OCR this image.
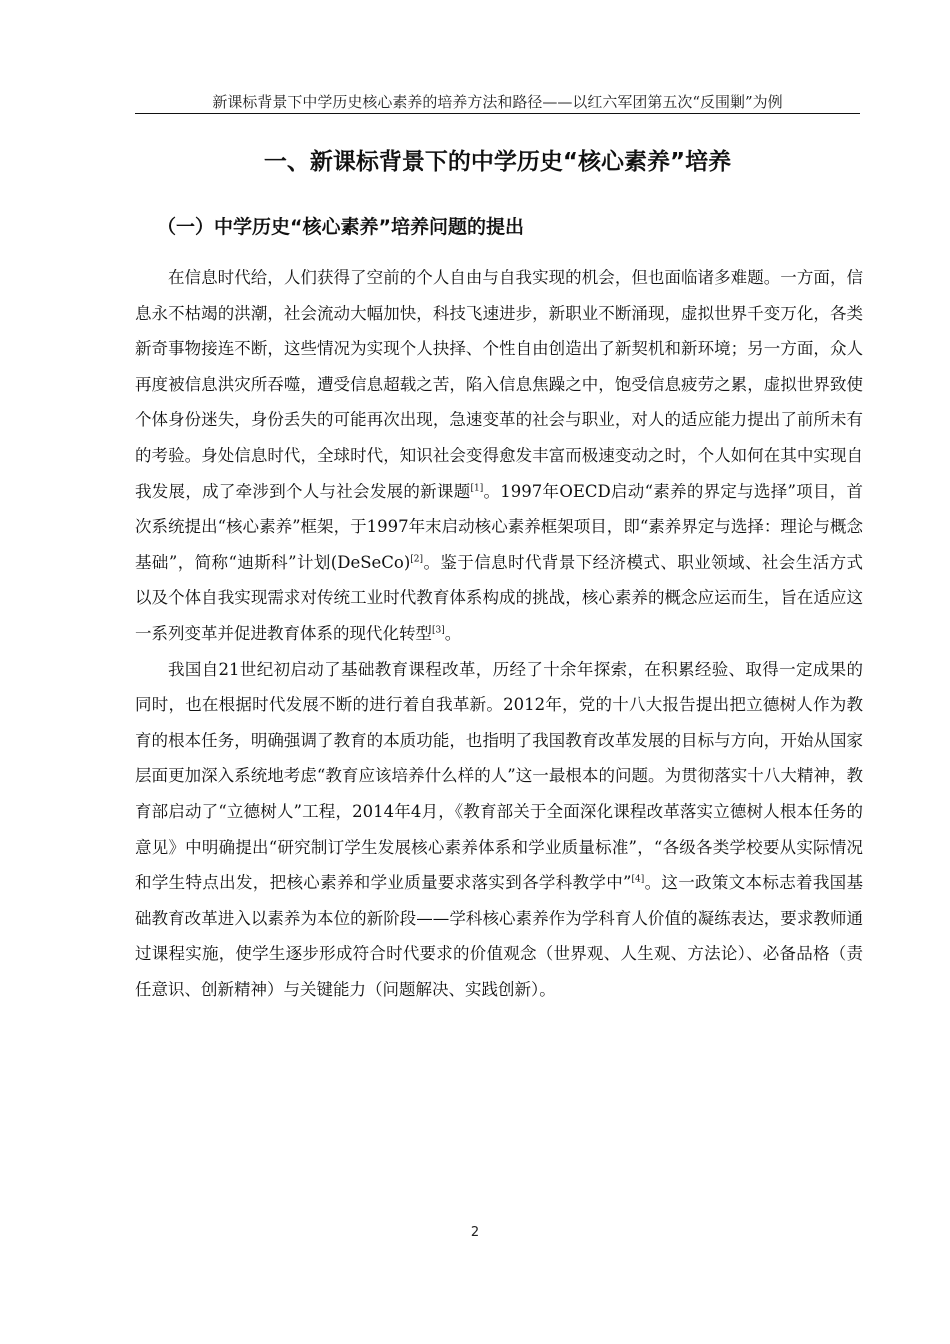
新课标背景下中学历史核心素养的培养方法和路径——以红六军团第五次“反围剿”为例
一、新课标背景下的中学历史“核心素养”培养
（一）中学历史“核心素养”培养问题的提出

在信息时代给，人们获得了空前的个人自由与自我实现的机会，但也面临诸多难题。一方面，信息永不枯竭的洪潮，社会流动大幅加快，科技飞速进步，新职业不断涌现，虚拟世界千变万化，各类新奇事物接连不断，这些情况为实现个人抉择、个性自由创造出了新契机和新环境；另一方面，众人再度被信息洪灾所吞噬，遭受信息超载之苦，陷入信息焦躁之中，饱受信息疲劳之累，虚拟世界致使个体身份迷失，身份丢失的可能再次出现，急速变革的社会与职业，对人的适应能力提出了前所未有的考验。身处信息时代，全球时代，知识社会变得愈发丰富而极速变动之时，个人如何在其中实现自我发展，成了牵涉到个人与社会发展的新课题[1]。1997年OECD启动“素养的界定与选择”项目，首次系统提出“核心素养”框架，于1997年末启动核心素养框架项目，即“素养界定与选择：理论与概念基础”，简称“迪斯科”计划(DeSeCo)[2]。鉴于信息时代背景下经济模式、职业领域、社会生活方式以及个体自我实现需求对传统工业时代教育体系构成的挑战，核心素养的概念应运而生，旨在适应这一系列变革并促进教育体系的现代化转型[3]。

我国自21世纪初启动了基础教育课程改革，历经了十余年探索，在积累经验、取得一定成果的同时，也在根据时代发展不断的进行着自我革新。2012年，党的十八大报告提出把立德树人作为教育的根本任务，明确强调了教育的本质功能，也指明了我国教育改革发展的目标与方向，开始从国家层面更加深入系统地考虑“教育应该培养什么样的人”这一最根本的问题。为贯彻落实十八大精神，教育部启动了“立德树人”工程，2014年4月，《教育部关于全面深化课程改革落实立德树人根本任务的意见》中明确提出“研究制订学生发展核心素养体系和学业质量标准”，“各级各类学校要从实际情况和学生特点出发，把核心素养和学业质量要求落实到各学科教学中”[4]。这一政策文本标志着我国基础教育改革进入以素养为本位的新阶段——学科核心素养作为学科育人价值的凝练表达，要求教师通过课程实施，使学生逐步形成符合时代要求的价值观念（世界观、人生观、方法论）、必备品格（责任意识、创新精神）与关键能力（问题解决、实践创新）。

2
